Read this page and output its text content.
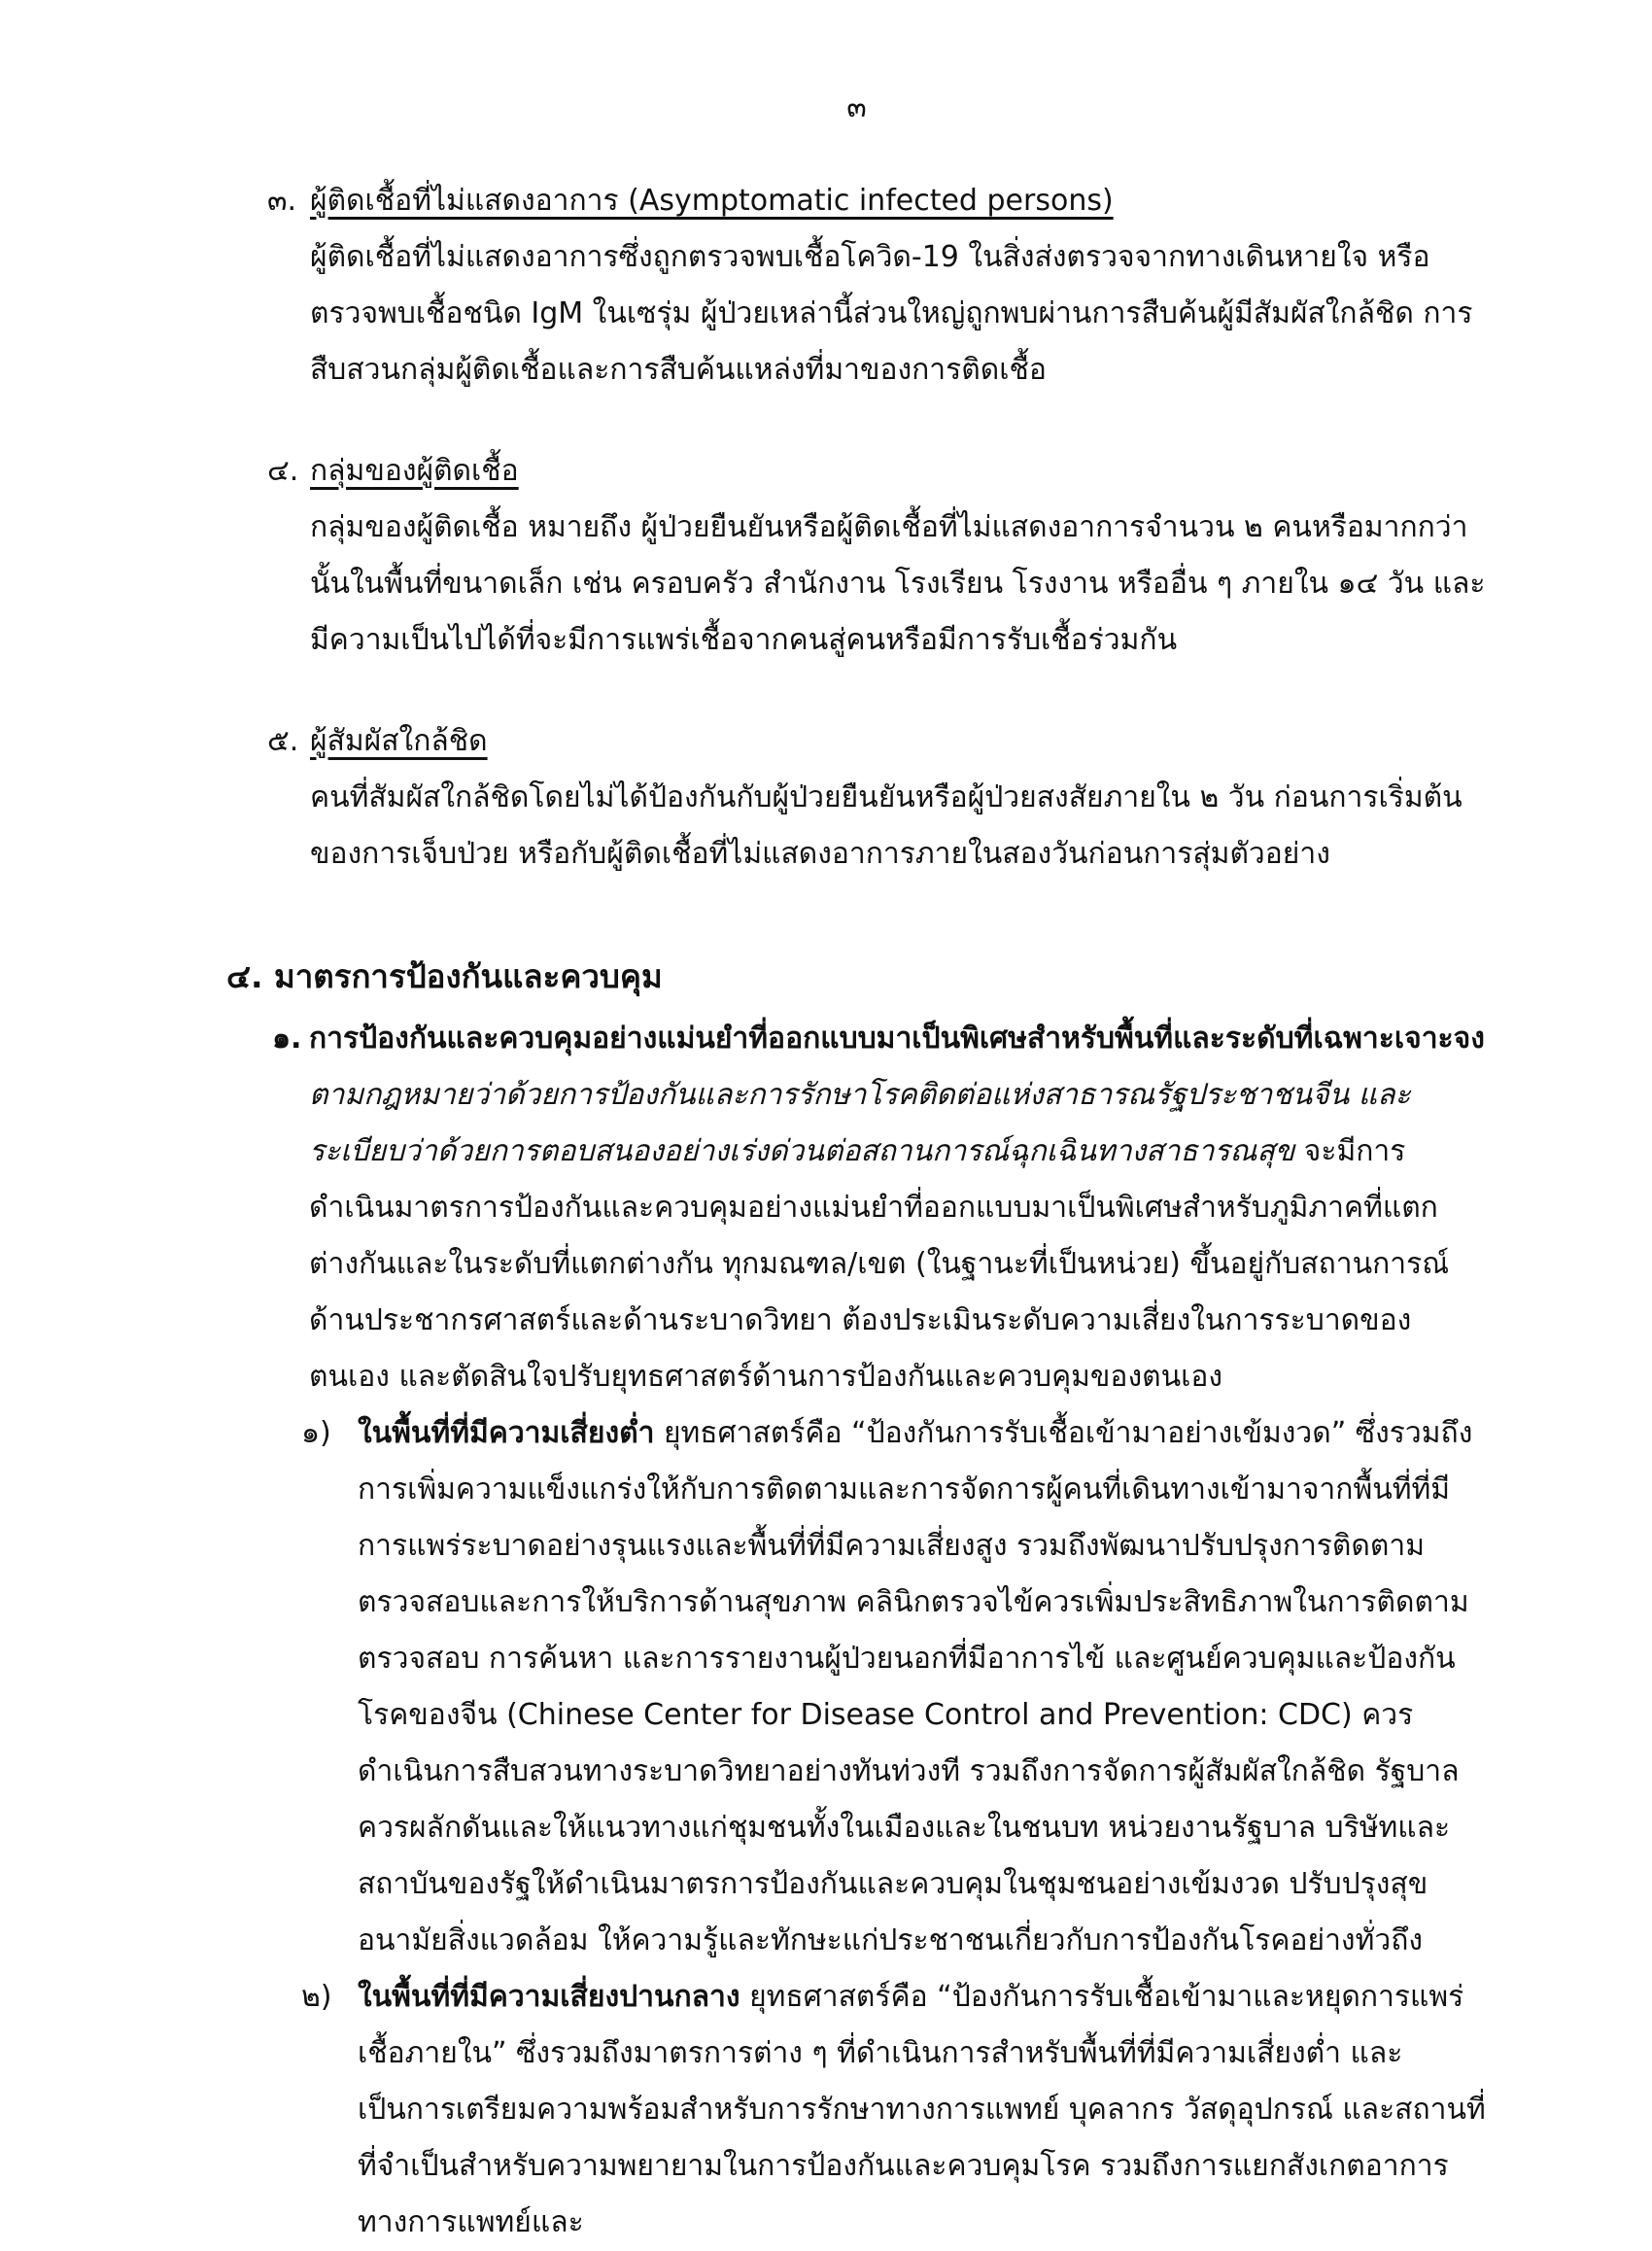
๓
๓. ผู้ติดเชื้อที่ไม่แสดงอาการ (Asymptomatic infected persons)
ผู้ติดเชื้อที่ไม่แสดงอาการซึ่งถูกตรวจพบเชื้อโควิด-19 ในสิ่งส่งตรวจจากทางเดินหายใจ หรือตรวจพบเชื้อชนิด IgM ในเซรุ่ม ผู้ป่วยเหล่านี้ส่วนใหญ่ถูกพบผ่านการสืบค้นผู้มีสัมผัสใกล้ชิด การสืบสวนกลุ่มผู้ติดเชื้อและการสืบค้นแหล่งที่มาของการติดเชื้อ
๔. กลุ่มของผู้ติดเชื้อ
กลุ่มของผู้ติดเชื้อ หมายถึง ผู้ป่วยยืนยันหรือผู้ติดเชื้อที่ไม่แสดงอาการจำนวน ๒ คนหรือมากกว่านั้นในพื้นที่ขนาดเล็ก เช่น ครอบครัว สำนักงาน โรงเรียน โรงงาน หรืออื่น ๆ ภายใน ๑๔ วัน และมีความเป็นไปได้ที่จะมีการแพร่เชื้อจากคนสู่คนหรือมีการรับเชื้อร่วมกัน
๕. ผู้สัมผัสใกล้ชิด
คนที่สัมผัสใกล้ชิดโดยไม่ได้ป้องกันกับผู้ป่วยยืนยันหรือผู้ป่วยสงสัยภายใน ๒ วัน ก่อนการเริ่มต้นของการเจ็บป่วย หรือกับผู้ติดเชื้อที่ไม่แสดงอาการภายในสองวันก่อนการสุ่มตัวอย่าง
๔. มาตรการป้องกันและควบคุม
๑. การป้องกันและควบคุมอย่างแม่นยำที่ออกแบบมาเป็นพิเศษสำหรับพื้นที่และระดับที่เฉพาะเจาะจง
ตามกฎหมายว่าด้วยการป้องกันและการรักษาโรคติดต่อแห่งสาธารณรัฐประชาชนจีน และระเบียบว่าด้วยการตอบสนองอย่างเร่งด่วนต่อสถานการณ์ฉุกเฉินทางสาธารณสุข จะมีการดำเนินมาตรการป้องกันและควบคุมอย่างแม่นยำที่ออกแบบมาเป็นพิเศษสำหรับภูมิภาคที่แตกต่างกันและในระดับที่แตกต่างกัน ทุกมณฑล/เขต (ในฐานะที่เป็นหน่วย) ขึ้นอยู่กับสถานการณ์ด้านประชากรศาสตร์และด้านระบาดวิทยา ต้องประเมินระดับความเสี่ยงในการระบาดของตนเอง และตัดสินใจปรับยุทธศาสตร์ด้านการป้องกันและควบคุมของตนเอง
๑) ในพื้นที่ที่มีความเสี่ยงต่ำ ยุทธศาสตร์คือ “ป้องกันการรับเชื้อเข้ามาอย่างเข้มงวด” ซึ่งรวมถึงการเพิ่มความแข็งแกร่งให้กับการติดตามและการจัดการผู้คนที่เดินทางเข้ามาจากพื้นที่ที่มีการแพร่ระบาดอย่างรุนแรงและพื้นที่ที่มีความเสี่ยงสูง รวมถึงพัฒนาปรับปรุงการติดตามตรวจสอบและการให้บริการด้านสุขภาพ คลินิกตรวจไข้ควรเพิ่มประสิทธิภาพในการติดตามตรวจสอบ การค้นหา และการรายงานผู้ป่วยนอกที่มีอาการไข้ และศูนย์ควบคุมและป้องกันโรคของจีน (Chinese Center for Disease Control and Prevention: CDC) ควรดำเนินการสืบสวนทางระบาดวิทยาอย่างทันท่วงที รวมถึงการจัดการผู้สัมผัสใกล้ชิด รัฐบาลควรผลักดันและให้แนวทางแก่ชุมชนทั้งในเมืองและในชนบท หน่วยงานรัฐบาล บริษัทและสถาบันของรัฐให้ดำเนินมาตรการป้องกันและควบคุมในชุมชนอย่างเข้มงวด ปรับปรุงสุขอนามัยสิ่งแวดล้อม ให้ความรู้และทักษะแก่ประชาชนเกี่ยวกับการป้องกันโรคอย่างทั่วถึง
๒) ในพื้นที่ที่มีความเสี่ยงปานกลาง ยุทธศาสตร์คือ “ป้องกันการรับเชื้อเข้ามาและหยุดการแพร่เชื้อภายใน” ซึ่งรวมถึงมาตรการต่าง ๆ ที่ดำเนินการสำหรับพื้นที่ที่มีความเสี่ยงต่ำ และเป็นการเตรียมความพร้อมสำหรับการรักษาทางการแพทย์ บุคลากร วัสดุอุปกรณ์ และสถานที่ที่จำเป็นสำหรับความพยายามในการป้องกันและควบคุมโรค รวมถึงการแยกสังเกตอาการทางการแพทย์และ
